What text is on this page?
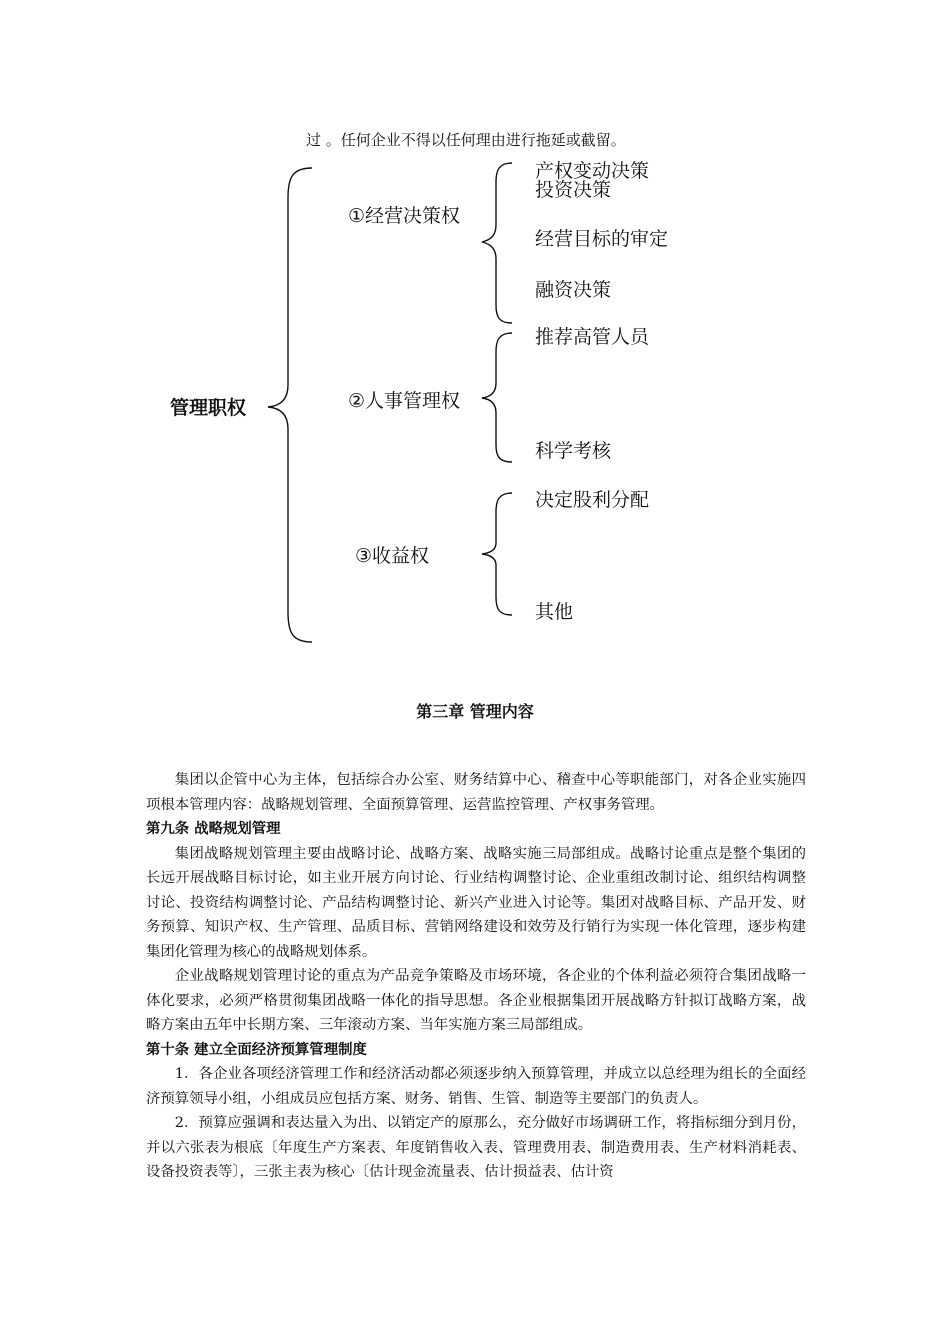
过 。任何企业不得以任何理由进行拖延或截留。
管理职权
①经营决策权
②人事管理权
③收益权
产权变动决策
投资决策
经营目标的审定
融资决策
推荐高管人员
科学考核
决定股利分配
其他
第三章 管理内容

集团以企管中心为主体，包括综合办公室、财务结算中心、稽查中心等职能部门，对各企业实施四项根本管理内容：战略规划管理、全面预算管理、运营监控管理、产权事务管理。

第九条 战略规划管理

集团战略规划管理主要由战略讨论、战略方案、战略实施三局部组成。战略讨论重点是整个集团的长远开展战略目标讨论，如主业开展方向讨论、行业结构调整讨论、企业重组改制讨论、组织结构调整讨论、投资结构调整讨论、产品结构调整讨论、新兴产业进入讨论等。集团对战略目标、产品开发、财务预算、知识产权、生产管理、品质目标、营销网络建设和效劳及行销行为实现一体化管理，逐步构建集团化管理为核心的战略规划体系。

企业战略规划管理讨论的重点为产品竞争策略及市场环境，各企业的个体利益必须符合集团战略一体化要求，必须严格贯彻集团战略一体化的指导思想。各企业根据集团开展战略方针拟订战略方案，战略方案由五年中长期方案、三年滚动方案、当年实施方案三局部组成。

第十条 建立全面经济预算管理制度

1．各企业各项经济管理工作和经济活动都必须逐步纳入预算管理，并成立以总经理为组长的全面经济预算领导小组，小组成员应包括方案、财务、销售、生管、制造等主要部门的负责人。

2．预算应强调和表达量入为出、以销定产的原那么，充分做好市场调研工作，将指标细分到月份，并以六张表为根底〔年度生产方案表、年度销售收入表、管理费用表、制造费用表、生产材料消耗表、设备投资表等〕，三张主表为核心〔估计现金流量表、估计损益表、估计资
